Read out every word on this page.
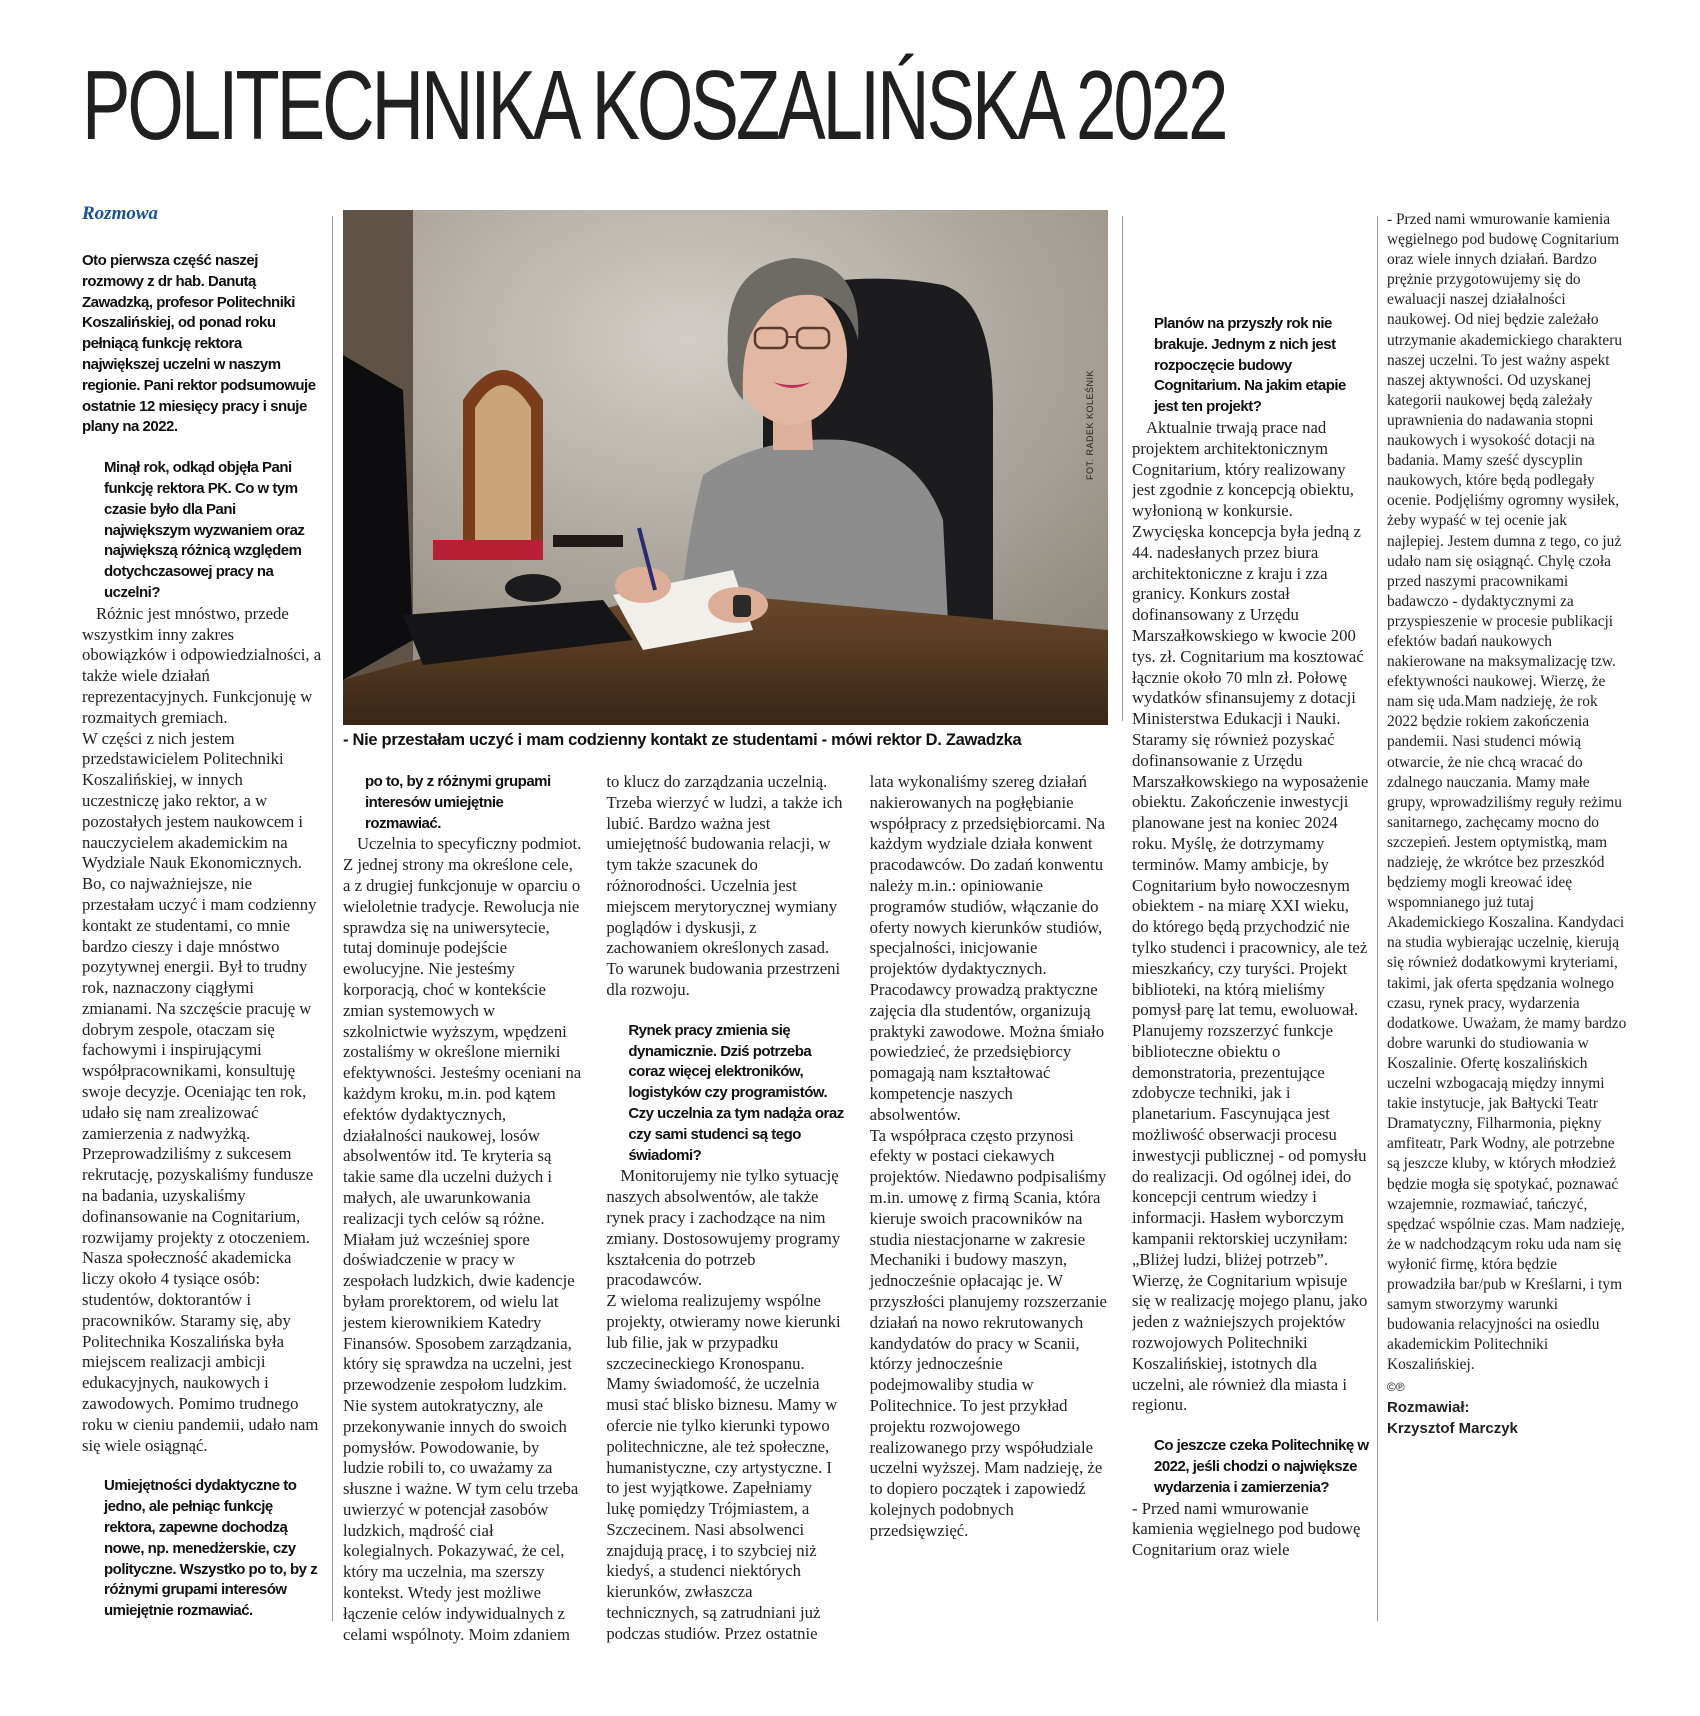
POLITECHNIKA KOSZALIŃSKA 2022
Rozmowa

Oto pierwsza część naszej rozmowy z dr hab. Danutą Zawadzką, profesor Politechniki Koszalińskiej, od ponad roku pełniącą funkcję rektora największej uczelni w naszym regionie. Pani rektor podsumowuje ostatnie 12 miesięcy pracy i snuje plany na 2022.

Minął rok, odkąd objęła Pani funkcję rektora PK. Co w tym czasie było dla Pani największym wyzwaniem oraz największą różnicą względem dotychczasowej pracy na uczelni?

Różnic jest mnóstwo, przede wszystkim inny zakres obowiązków i odpowiedzialności, a także wiele działań reprezentacyjnych. Funkcjonuję w rozmaitych gremiach.

W części z nich jestem przedstawicielem Politechniki Koszalińskiej, w innych uczestniczę jako rektor, a w pozostałych jestem naukowcem i nauczycielem akademickim na Wydziale Nauk Ekonomicznych. Bo, co najważniejsze, nie przestałam uczyć i mam codzienny kontakt ze studentami, co mnie bardzo cieszy i daje mnóstwo pozytywnej energii. Był to trudny rok, naznaczony ciągłymi zmianami. Na szczęście pracuję w dobrym zespole, otaczam się fachowymi i inspirującymi współpracownikami, konsultuję swoje decyzje. Oceniając ten rok, udało się nam zrealizować zamierzenia z nadwyżką. Przeprowadziliśmy z sukcesem rekrutację, pozyskaliśmy fundusze na badania, uzyskaliśmy dofinansowanie na Cognitarium, rozwijamy projekty z otoczeniem. Nasza społeczność akademicka liczy około 4 tysiące osób: studentów, doktorantów i pracowników. Staramy się, aby Politechnika Koszalińska była miejscem realizacji ambicji edukacyjnych, naukowych i zawodowych. Pomimo trudnego roku w cieniu pandemii, udało nam się wiele osiągnąć.

Umiejętności dydaktyczne to jedno, ale pełniąc funkcję rektora, zapewne dochodzą nowe, np. menedżerskie, czy polityczne. Wszystko po to, by z różnymi grupami interesów umiejętnie rozmawiać.

FOT. RADEK KOLEŚNIK
- Nie przestałam uczyć i mam codzienny kontakt ze studentami - mówi rektor D. Zawadzka

po to, by z różnymi grupami interesów umiejętnie rozmawiać.

Uczelnia to specyficzny podmiot. Z jednej strony ma określone cele, a z drugiej funkcjonuje w oparciu o wieloletnie tradycje. Rewolucja nie sprawdza się na uniwersytecie, tutaj dominuje podejście ewolucyjne. Nie jesteśmy korporacją, choć w kontekście zmian systemowych w szkolnictwie wyższym, wpędzeni zostaliśmy w określone mierniki efektywności. Jesteśmy oceniani na każdym kroku, m.in. pod kątem efektów dydaktycznych, działalności naukowej, losów absolwentów itd. Te kryteria są takie same dla uczelni dużych i małych, ale uwarunkowania realizacji tych celów są różne. Miałam już wcześniej spore doświadczenie w pracy w zespołach ludzkich, dwie kadencje byłam prorektorem, od wielu lat jestem kierownikiem Katedry Finansów. Sposobem zarządzania, który się sprawdza na uczelni, jest przewodzenie zespołom ludzkim. Nie system autokratyczny, ale przekonywanie innych do swoich pomysłów. Powodowanie, by ludzie robili to, co uważamy za słuszne i ważne. W tym celu trzeba uwierzyć w potencjał zasobów ludzkich, mądrość ciał kolegialnych. Pokazywać, że cel, który ma uczelnia, ma szerszy kontekst. Wtedy jest możliwe łączenie celów indywidualnych z celami wspólnoty. Moim zdaniem to klucz do zarządzania uczelnią. Trzeba wierzyć w ludzi, a także ich lubić. Bardzo ważna jest umiejętność budowania relacji, w tym także szacunek do różnorodności. Uczelnia jest miejscem merytorycznej wymiany poglądów i dyskusji, z zachowaniem określonych zasad. To warunek budowania przestrzeni dla rozwoju.

Rynek pracy zmienia się dynamicznie. Dziś potrzeba coraz więcej elektroników, logistyków czy programistów. Czy uczelnia za tym nadąża oraz czy sami studenci są tego świadomi?

Monitorujemy nie tylko sytuację naszych absolwentów, ale także rynek pracy i zachodzące na nim zmiany. Dostosowujemy programy kształcenia do potrzeb pracodawców.

Z wieloma realizujemy wspólne projekty, otwieramy nowe kierunki lub filie, jak w przypadku szczecineckiego Kronospanu. Mamy świadomość, że uczelnia musi stać blisko biznesu. Mamy w ofercie nie tylko kierunki typowo politechniczne, ale też społeczne, humanistyczne, czy artystyczne. I to jest wyjątkowe. Zapełniamy lukę pomiędzy Trójmiastem, a Szczecinem. Nasi absolwenci znajdują pracę, i to szybciej niż kiedyś, a studenci niektórych kierunków, zwłaszcza technicznych, są zatrudniani już podczas studiów. Przez ostatnie lata wykonaliśmy szereg działań nakierowanych na pogłębianie współpracy z przedsiębiorcami. Na każdym wydziale działa konwent pracodawców. Do zadań konwentu należy m.in.: opiniowanie programów studiów, włączanie do oferty nowych kierunków studiów, specjalności, inicjowanie projektów dydaktycznych. Pracodawcy prowadzą praktyczne zajęcia dla studentów, organizują praktyki zawodowe. Można śmiało powiedzieć, że przedsiębiorcy pomagają nam kształtować kompetencje naszych absolwentów.

Ta współpraca często przynosi efekty w postaci ciekawych projektów. Niedawno podpisaliśmy m.in. umowę z firmą Scania, która kieruje swoich pracowników na studia niestacjonarne w zakresie Mechaniki i budowy maszyn, jednocześnie opłacając je. W przyszłości planujemy rozszerzanie działań na nowo rekrutowanych kandydatów do pracy w Scanii, którzy jednocześnie podejmowaliby studia w Politechnice. To jest przykład projektu rozwojowego realizowanego przy współudziale uczelni wyższej. Mam nadzieję, że to dopiero początek i zapowiedź kolejnych podobnych przedsięwzięć.

Planów na przyszły rok nie brakuje. Jednym z nich jest rozpoczęcie budowy Cognitarium. Na jakim etapie jest ten projekt?

Aktualnie trwają prace nad projektem architektonicznym Cognitarium, który realizowany jest zgodnie z koncepcją obiektu, wyłonioną w konkursie. Zwycięska koncepcja była jedną z 44. nadesłanych przez biura architektoniczne z kraju i zza granicy. Konkurs został dofinansowany z Urzędu Marszałkowskiego w kwocie 200 tys. zł. Cognitarium ma kosztować łącznie około 70 mln zł. Połowę wydatków sfinansujemy z dotacji Ministerstwa Edukacji i Nauki. Staramy się również pozyskać dofinansowanie z Urzędu Marszałkowskiego na wyposażenie obiektu. Zakończenie inwestycji planowane jest na koniec 2024 roku. Myślę, że dotrzymamy terminów. Mamy ambicje, by Cognitarium było nowoczesnym obiektem - na miarę XXI wieku, do którego będą przychodzić nie tylko studenci i pracownicy, ale też mieszkańcy, czy turyści. Projekt biblioteki, na którą mieliśmy pomysł parę lat temu, ewoluował. Planujemy rozszerzyć funkcje biblioteczne obiektu o demonstratoria, prezentujące zdobycze techniki, jak i planetarium. Fascynująca jest możliwość obserwacji procesu inwestycji publicznej - od pomysłu do realizacji. Od ogólnej idei, do koncepcji centrum wiedzy i informacji. Hasłem wyborczym kampanii rektorskiej uczyniłam: „Bliżej ludzi, bliżej potrzeb”. Wierzę, że Cognitarium wpisuje się w realizację mojego planu, jako jeden z ważniejszych projektów rozwojowych Politechniki Koszalińskiej, istotnych dla uczelni, ale również dla miasta i regionu.

Co jeszcze czeka Politechnikę w 2022, jeśli chodzi o największe wydarzenia i zamierzenia?

- Przed nami wmurowanie kamienia węgielnego pod budowę Cognitarium oraz wiele

- Przed nami wmurowanie kamienia węgielnego pod budowę Cognitarium oraz wiele innych działań. Bardzo prężnie przygotowujemy się do ewaluacji naszej działalności naukowej. Od niej będzie zależało utrzymanie akademickiego charakteru naszej uczelni. To jest ważny aspekt naszej aktywności. Od uzyskanej kategorii naukowej będą zależały uprawnienia do nadawania stopni naukowych i wysokość dotacji na badania. Mamy sześć dyscyplin naukowych, które będą podlegały ocenie. Podjęliśmy ogromny wysiłek, żeby wypaść w tej ocenie jak najlepiej. Jestem dumna z tego, co już udało nam się osiągnąć. Chylę czoła przed naszymi pracownikami badawczo - dydaktycznymi za przyspieszenie w procesie publikacji efektów badań naukowych nakierowane na maksymalizację tzw. efektywności naukowej. Wierzę, że nam się uda.Mam nadzieję, że rok 2022 będzie rokiem zakończenia pandemii. Nasi studenci mówią otwarcie, że nie chcą wracać do zdalnego nauczania. Mamy małe grupy, wprowadziliśmy reguły reżimu sanitarnego, zachęcamy mocno do szczepień. Jestem optymistką, mam nadzieję, że wkrótce bez przeszkód będziemy mogli kreować ideę wspomnianego już tutaj Akademickiego Koszalina. Kandydaci na studia wybierając uczelnię, kierują się również dodatkowymi kryteriami, takimi, jak oferta spędzania wolnego czasu, rynek pracy, wydarzenia dodatkowe. Uważam, że mamy bardzo dobre warunki do studiowania w Koszalinie. Ofertę koszalińskich uczelni wzbogacają między innymi takie instytucje, jak Bałtycki Teatr Dramatyczny, Filharmonia, piękny amfiteatr, Park Wodny, ale potrzebne są jeszcze kluby, w których młodzież będzie mogła się spotykać, poznawać wzajemnie, rozmawiać, tańczyć, spędzać wspólnie czas. Mam nadzieję, że w nadchodzącym roku uda nam się wyłonić firmę, która będzie prowadziła bar/pub w Kreślarni, i tym samym stworzymy warunki budowania relacyjności na osiedlu akademickim Politechniki Koszalińskiej.

©℗

Rozmawiał:

Krzysztof Marczyk
